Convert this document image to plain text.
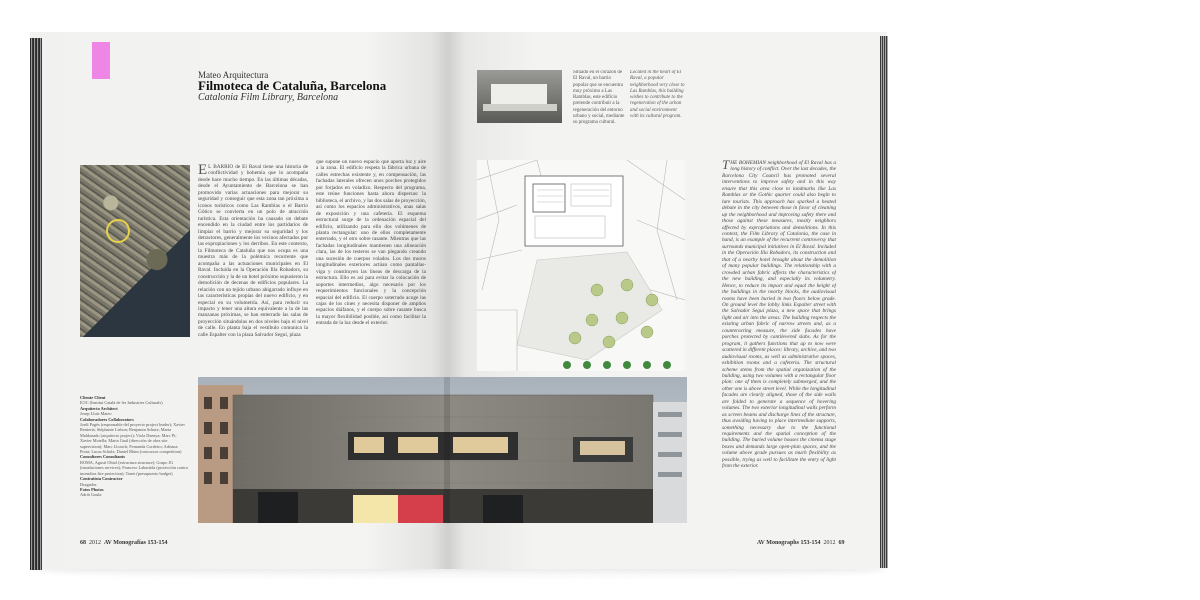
Mateo Arquitectura
Filmoteca de Cataluña, Barcelona
Catalonia Film Library, Barcelona
E L BARRIO de El Raval tiene una historia de conflictividad y bohemia que lo acompaña desde hace mucho tiempo. En las últimas décadas, desde el Ayuntamiento de Barcelona se han promovido varias actuaciones para mejorar su seguridad y conseguir que esta zona tan próxima a iconos turísticos como Las Ramblas o el Barrio Gótico se convierta en un polo de atracción turística. Esta orientación ha causado un debate encendido en la ciudad entre los partidarios de limpiar el barrio y mejorar su seguridad y los detractores, generalmente los vecinos afectados por las expropiaciones y los derribos. En este contexto, la Filmoteca de Cataluña que nos ocupa es una muestra más de la polémica recurrente que acompaña a las actuaciones municipales en El Raval. Incluida en la Operación Illa Robadors, su construcción y la de un hotel próximo supusieron la demolición de decenas de edificios populares. La relación con un tejido urbano abigarrado influye en las características propias del nuevo edificio, y en especial en su volumetría. Así, para reducir su impacto y tener una altura equivalente a la de las manzanas próximas, se han enterrado las salas de proyección situándolas en dos niveles bajo el nivel de calle. En planta baja el vestíbulo comunica la calle Espalter con la plaza Salvador Seguí, plaza
que supone un nuevo espacio que aporta luz y aire a la zona. El edificio respeta la fábrica urbana de calles estrechas existente y, en compensación, las fachadas laterales ofrecen unos porches protegidos por forjados en voladizo. Respecto del programa, este reúne funciones hasta ahora dispersas: la biblioteca, el archivo, y las dos salas de proyección, así como los espacios administrativos, unas salas de exposición y una cafetería. El esquema estructural surge de la ordenación espacial del edificio, utilizando para ello dos volúmenes de planta rectangular: uno de ellos completamente enterrado, y el otro sobre rasante. Mientras que las fachadas longitudinales mantienen una alineación clara, las de los testeros se van plegando creando una sucesión de cuerpos volados. Los dos muros longitudinales exteriores actúan como pantallas-viga y constituyen las líneas de descarga de la estructura. Ello es así para evitar la colocación de soportes intermedios, algo necesario por los requerimientos funcionales y la concepción espacial del edificio. El cuerpo soterrado acoge las cajas de los cines y necesita disponer de amplios espacios diáfanos, y el cuerpo sobre rasante busca la mayor flexibilidad posible, así como facilitar la entrada de la luz desde el exterior.
Situado en el corazón de El Raval, un barrio popular que se encuentra muy próximo a Las Ramblas, este edificio pretende contribuir a la regeneración del entorno urbano y social, mediante su programa cultural.
Located in the heart of El Raval, a popular neighborhood very close to Las Ramblas, this building wishes to contribute to the regeneration of the urban and social environment with its cultural program.
THE BOHEMIAN neighborhood of El Raval has a long history of conflict. Over the last decades, the Barcelona City Council has promoted several interventions to improve safety and in this way ensure that this area close to landmarks like Las Ramblas or the Gothic quarter could also begin to lure tourists. This approach has sparked a heated debate in the city between those in favor of cleaning up the neighborhood and improving safety there and those against these measures, mostly neighbors affected by expropriations and demolitions. In this context, the Film Library of Catalonia, the case in hand, is an example of the recurrent controversy that surrounds municipal initiatives in El Raval. Included in the Operación Illa Robadors, its construction and that of a nearby hotel brought about the demolition of many popular buildings. The relationship with a crowded urban fabric affects the characteristics of the new building, and especially its volumetry. Hence, to reduce its impact and equal the height of the buildings in the nearby blocks, the audiovisual rooms have been buried in two floors below grade. On ground level the lobby links Espalter street with the Salvador Seguí plaza, a new space that brings light and air into the areas. The building respects the existing urban fabric of narrow streets and, as a counteracting measure, the side facades have porches protected by cantilevered slabs. As for the program, it gathers functions that up to now were scattered in different places: library, archive, and two audiovisual rooms, as well as administrative spaces, exhibition rooms and a cafeteria. The structural scheme stems from the spatial organization of the building, using two volumes with a rectangular floor plan: one of them is completely submerged, and the other one is above street level. While the longitudinal facades are clearly aligned, those of the side walls are folded to generate a sequence of hovering volumes. The two exterior longitudinal walls perform as screen beams and discharge lines of the structure, thus avoiding having to place intermediate supports, something necessary due to the functional requirements and the spatial conception of the building. The buried volume houses the cinema stage boxes and demands large open-plan spaces, and the volume above grade pursues as much flexibility as possible, trying as well to facilitate the entry of light from the exterior.
Cliente Client
ICIC (Institut Català de les Industries Culturals)
Arquitecto Architect
Josep Lluís Mateo
Colaboradores Collaborators
Jordi Pagès (responsable del proyecto project leader); Xavier Rentería; Stéphanie Lisbon; Benjamin Schutz; Marta Maldonado (arquitecto project); Viola Dzenya; Marc Pi; Xavier Motella; Marta Gual (dirección de obra site supervision); Marc Llorach; Fernanda Cordeiro; Adriana Porta; Lucas Schulz; Daniel Blüm (concursos competition)
Consultores Consultants
BOMA, Agustí Obiol (estructura structure); Grupo JG (instalaciones services); Francesc Labastida (protección contra incendios fire protection); Tonet (presupuesto budget)
Contratista Contractor
Dragados
Fotos Photos
Adrià Goula
68 2012 AV Monografías 153-154	AV Monographs 153-154 2012 69
